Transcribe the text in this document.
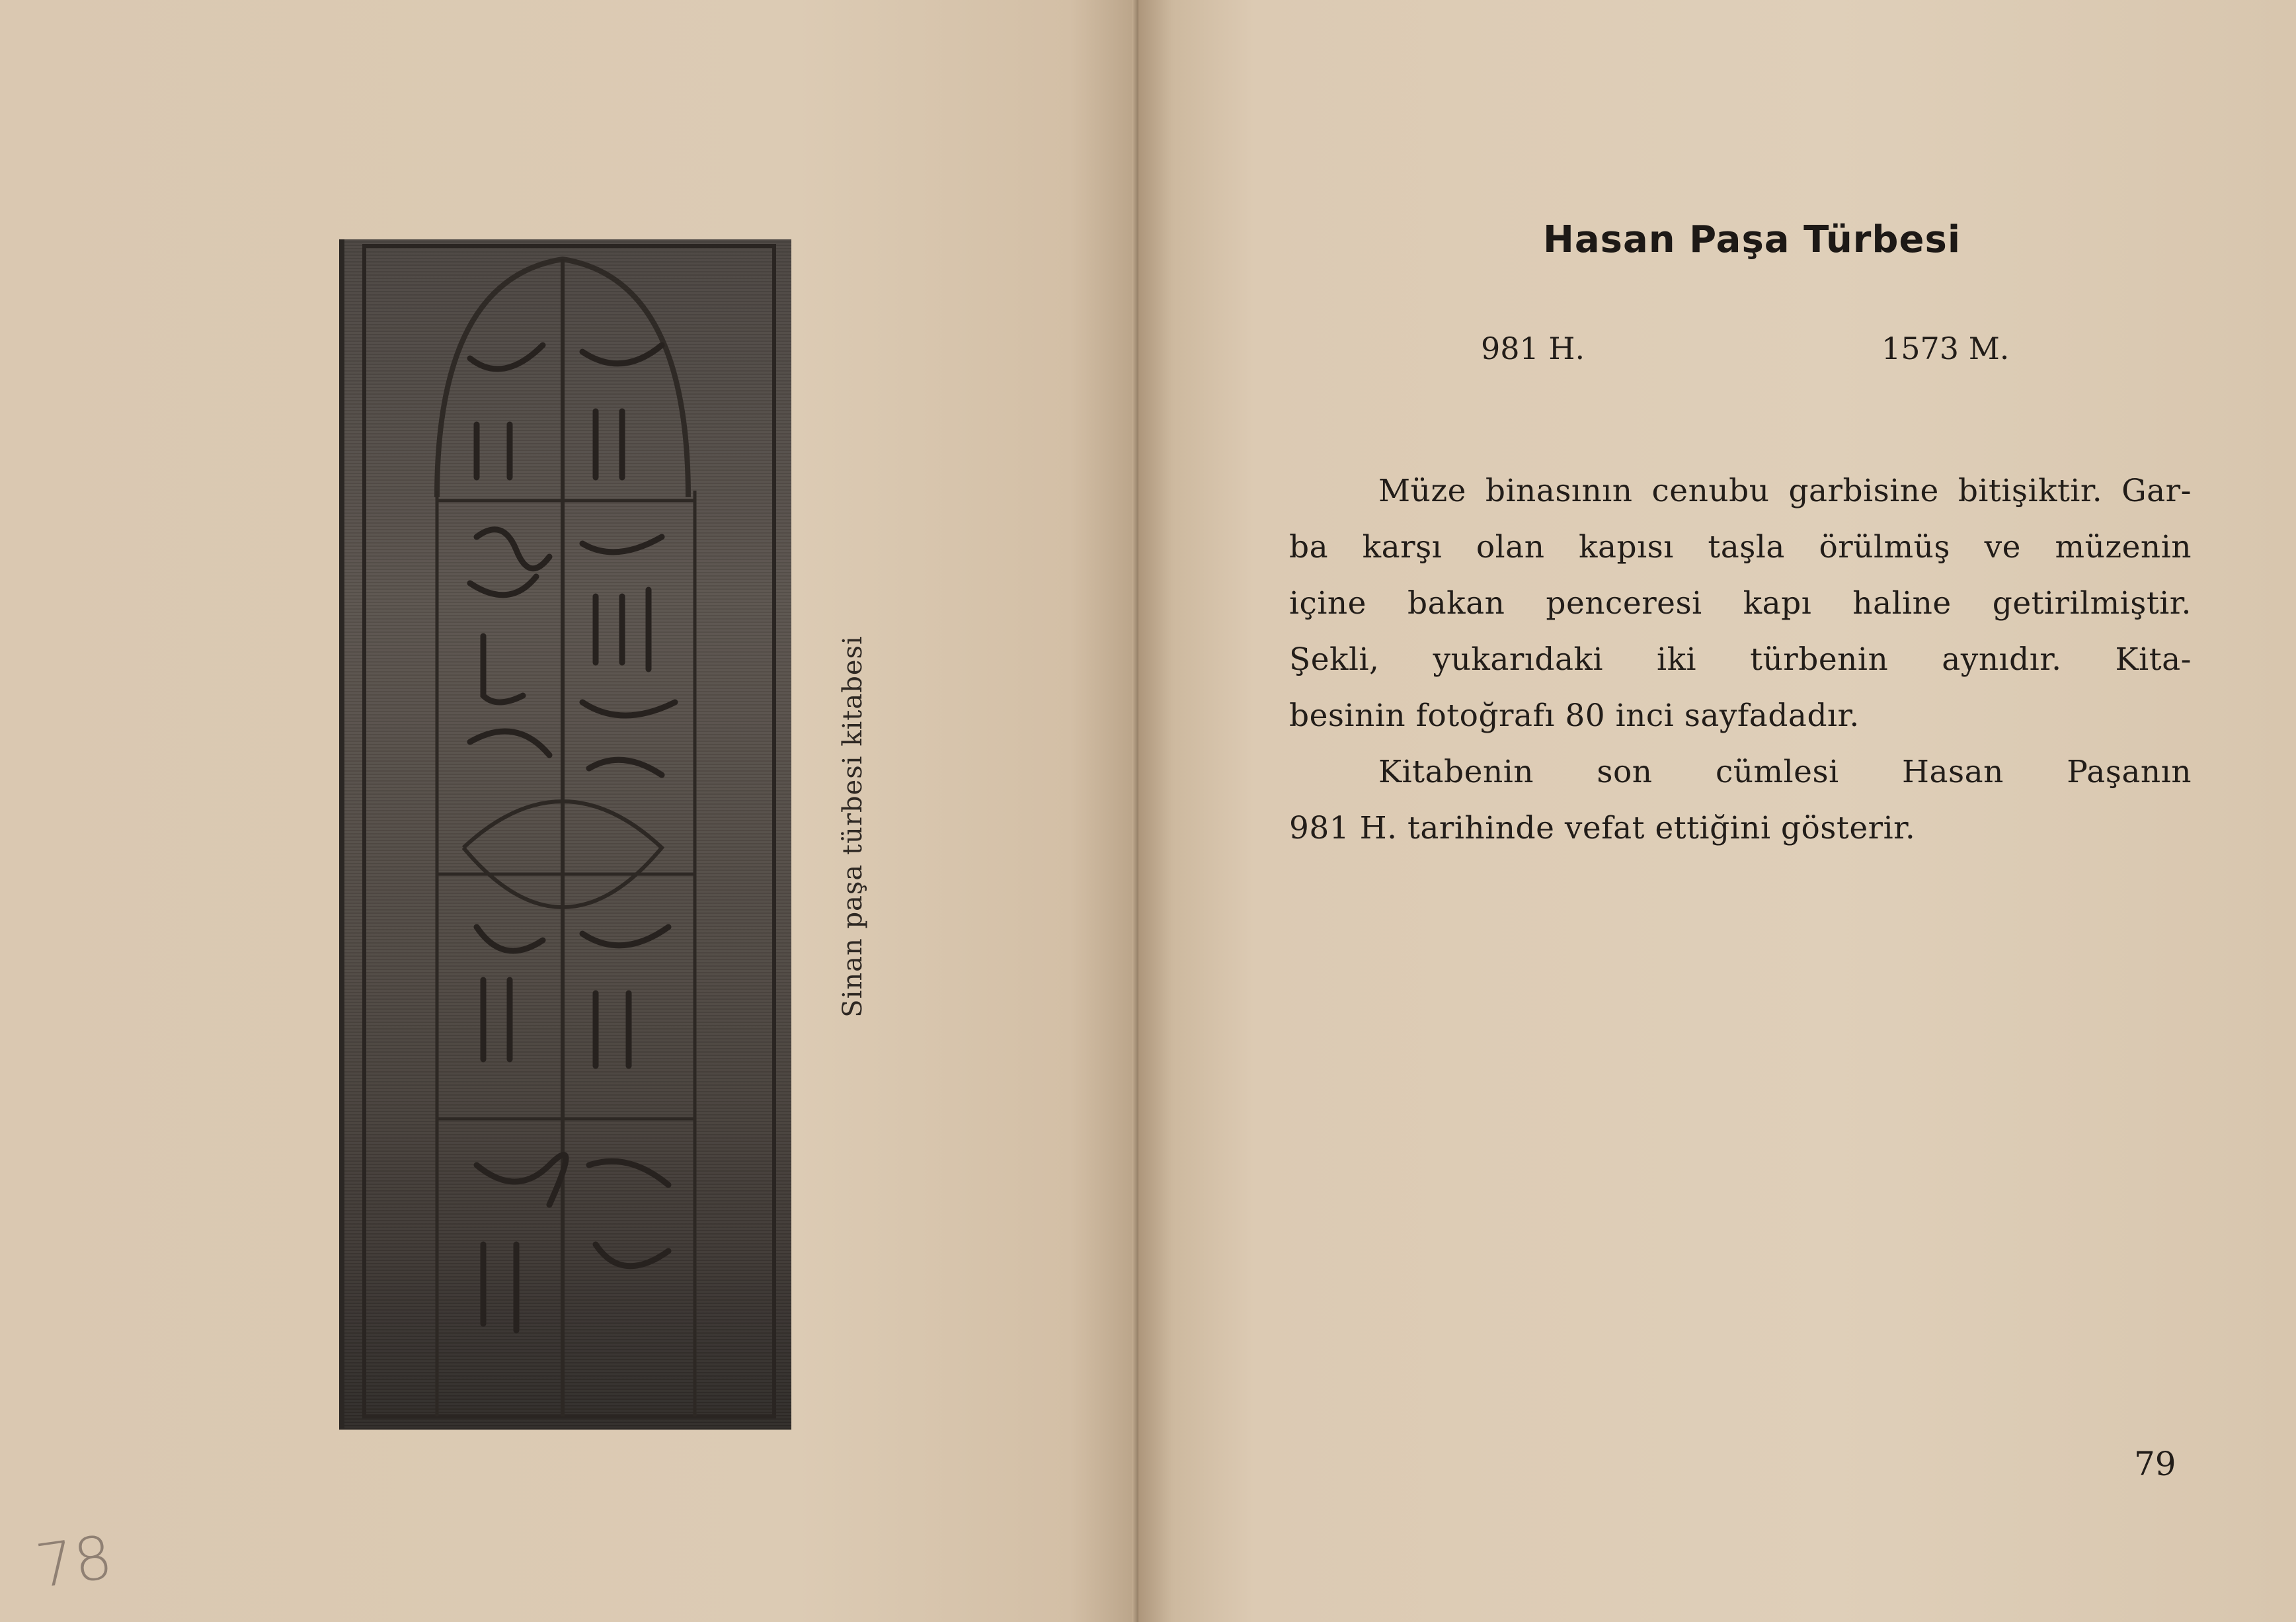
Sinan paşa türbesi kitabesi
78
Hasan Paşa Türbesi
981 H.	1573 M.
Müze binasının cenubu garbisine bitişiktir. Gar-
ba karşı olan kapısı taşla örülmüş ve müzenin
içine bakan penceresi kapı haline getirilmiştir.
Şekli, yukarıdaki iki türbenin aynıdır. Kita-
besinin fotoğrafı 80 inci sayfadadır.
Kitabenin son cümlesi Hasan Paşanın
981 H. tarihinde vefat ettiğini gösterir.
79
